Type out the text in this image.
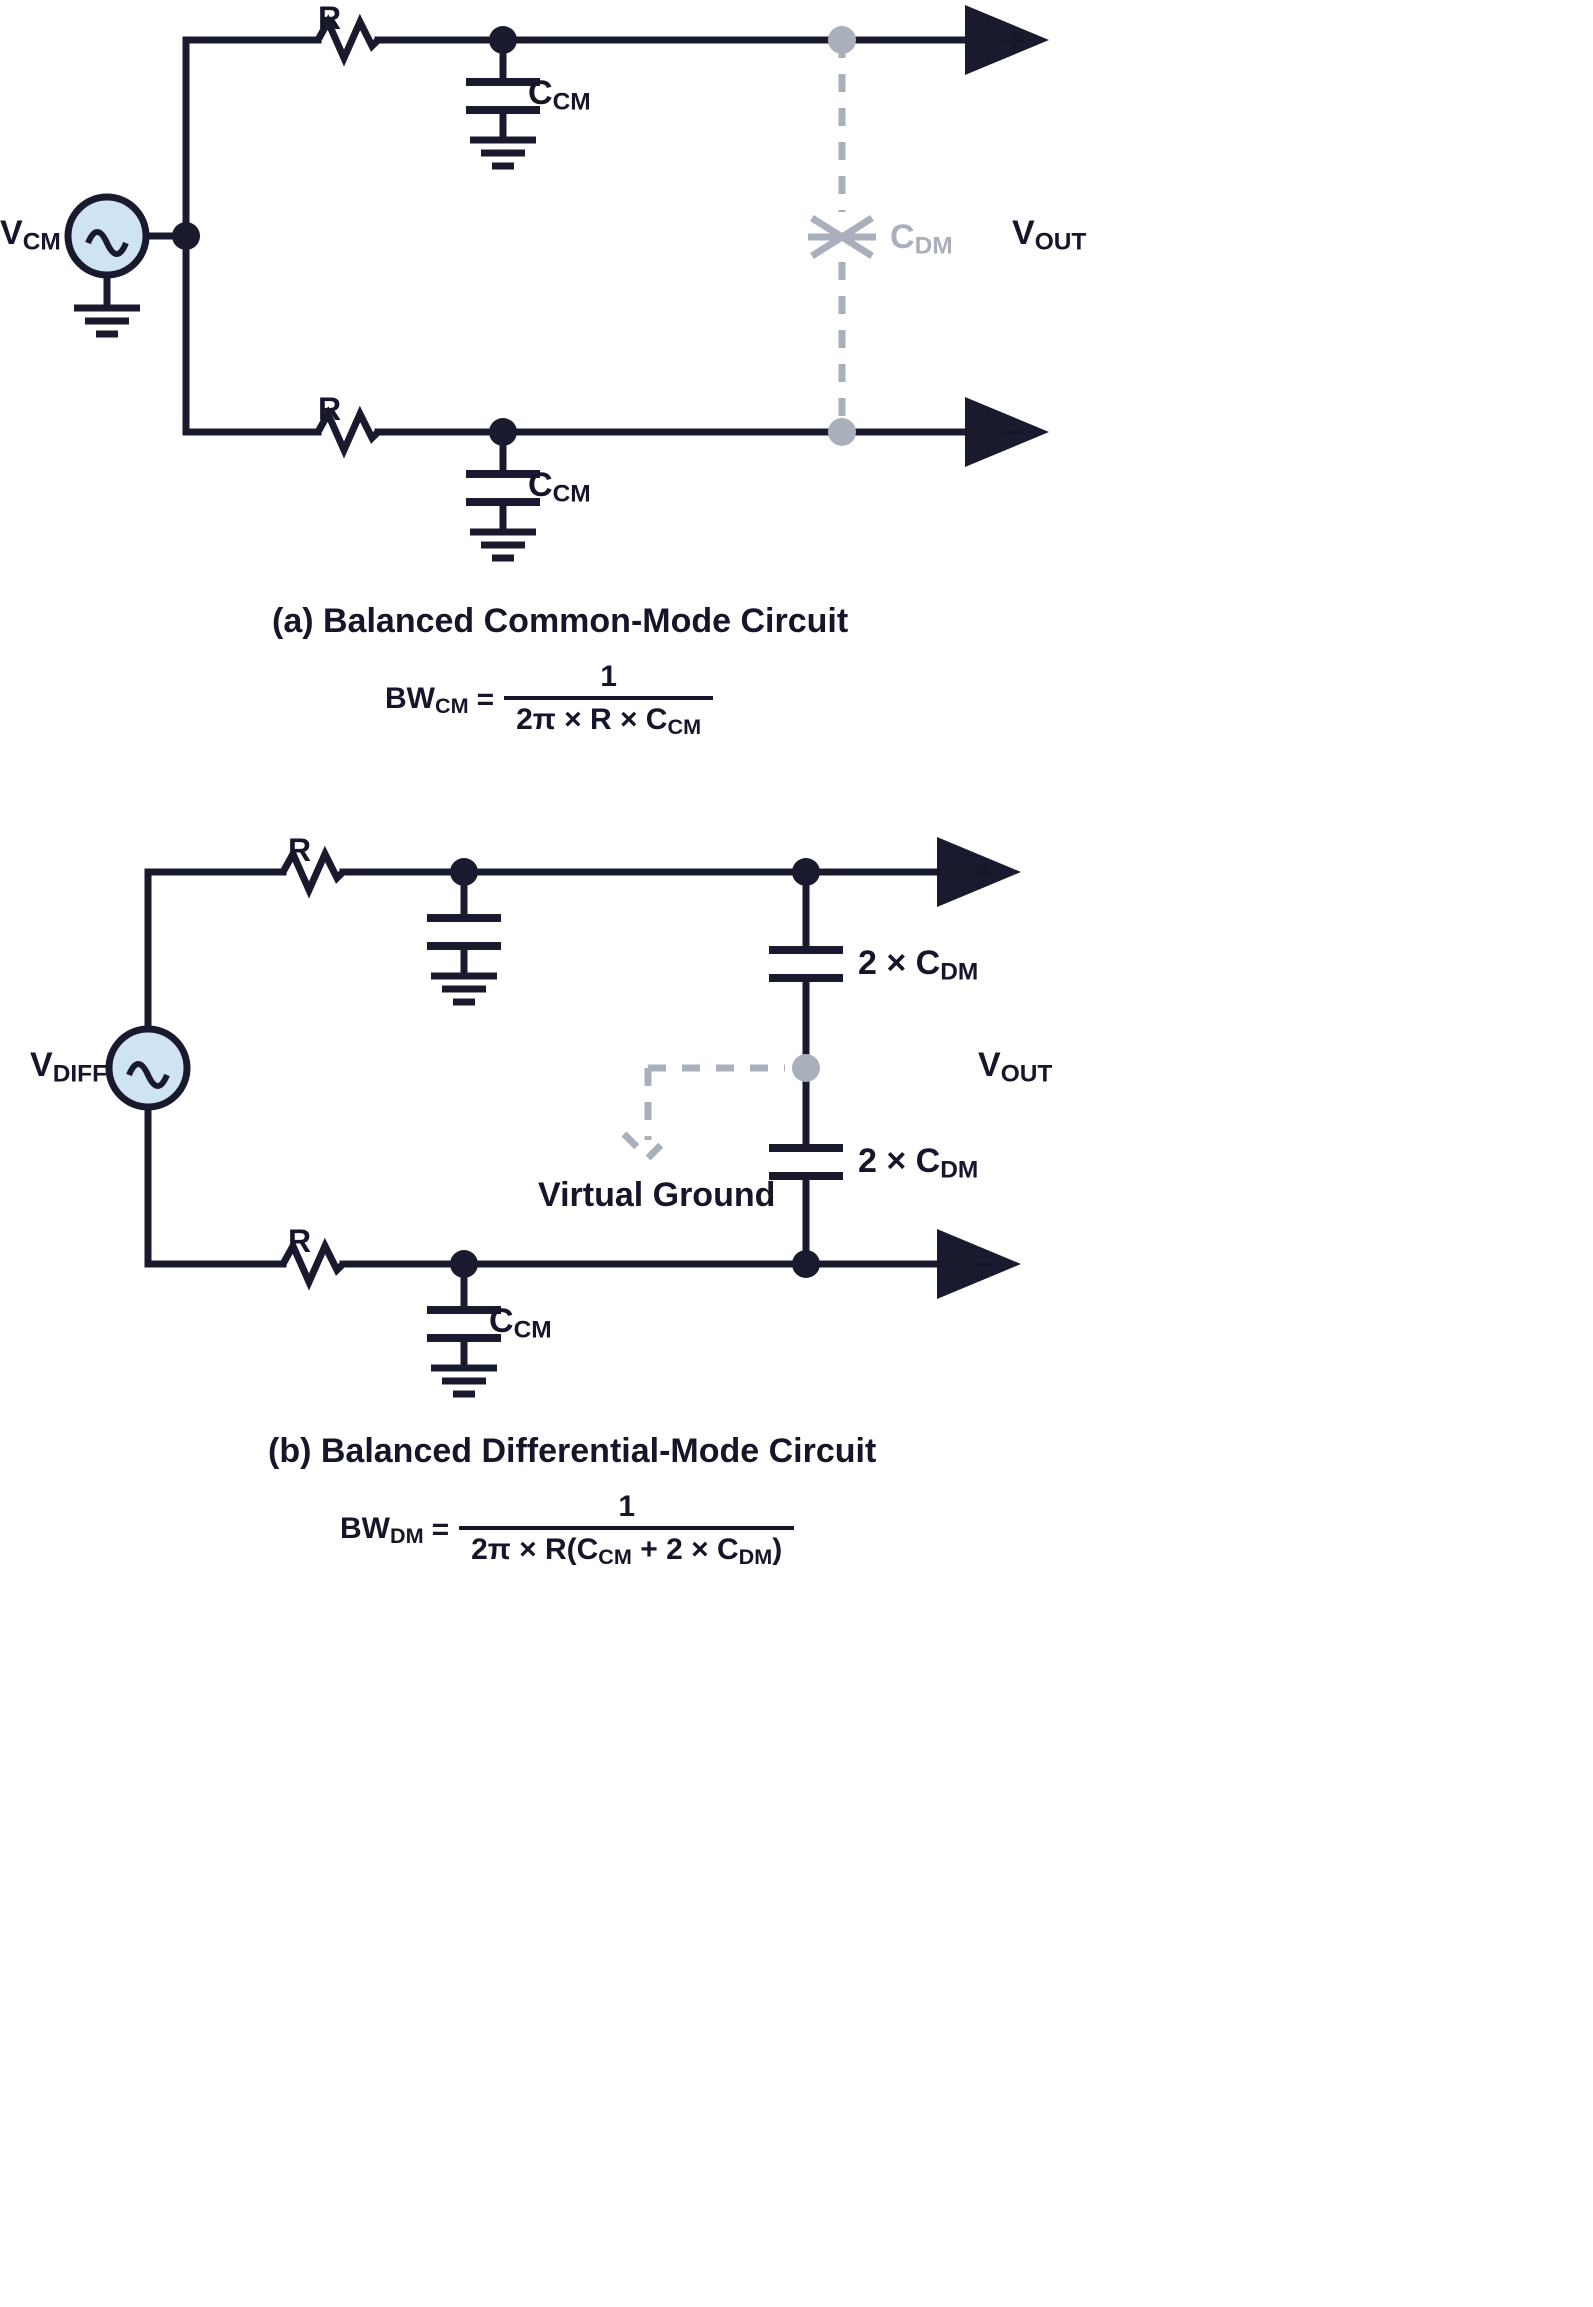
R
R
$C_{CM}$
$C_{CM}$
$C_{DM}$
$V_{CM}$	$V_{OUT}$
+
–
(a) Balanced Common-Mode Circuit
$BW_{CM} = \frac{1}{2\pi \times R \times C_{CM}}$
R
R
$C_{CM}$
$2 \times C_{DM}$
$2 \times C_{DM}$
Virtual Ground
$V_{DIFF}$	$V_{OUT}$
+
–
(b) Balanced Differential-Mode Circuit
$BW_{DM} = \frac{1}{2\pi \times R(C_{CM} + 2 \times C_{DM})}$
